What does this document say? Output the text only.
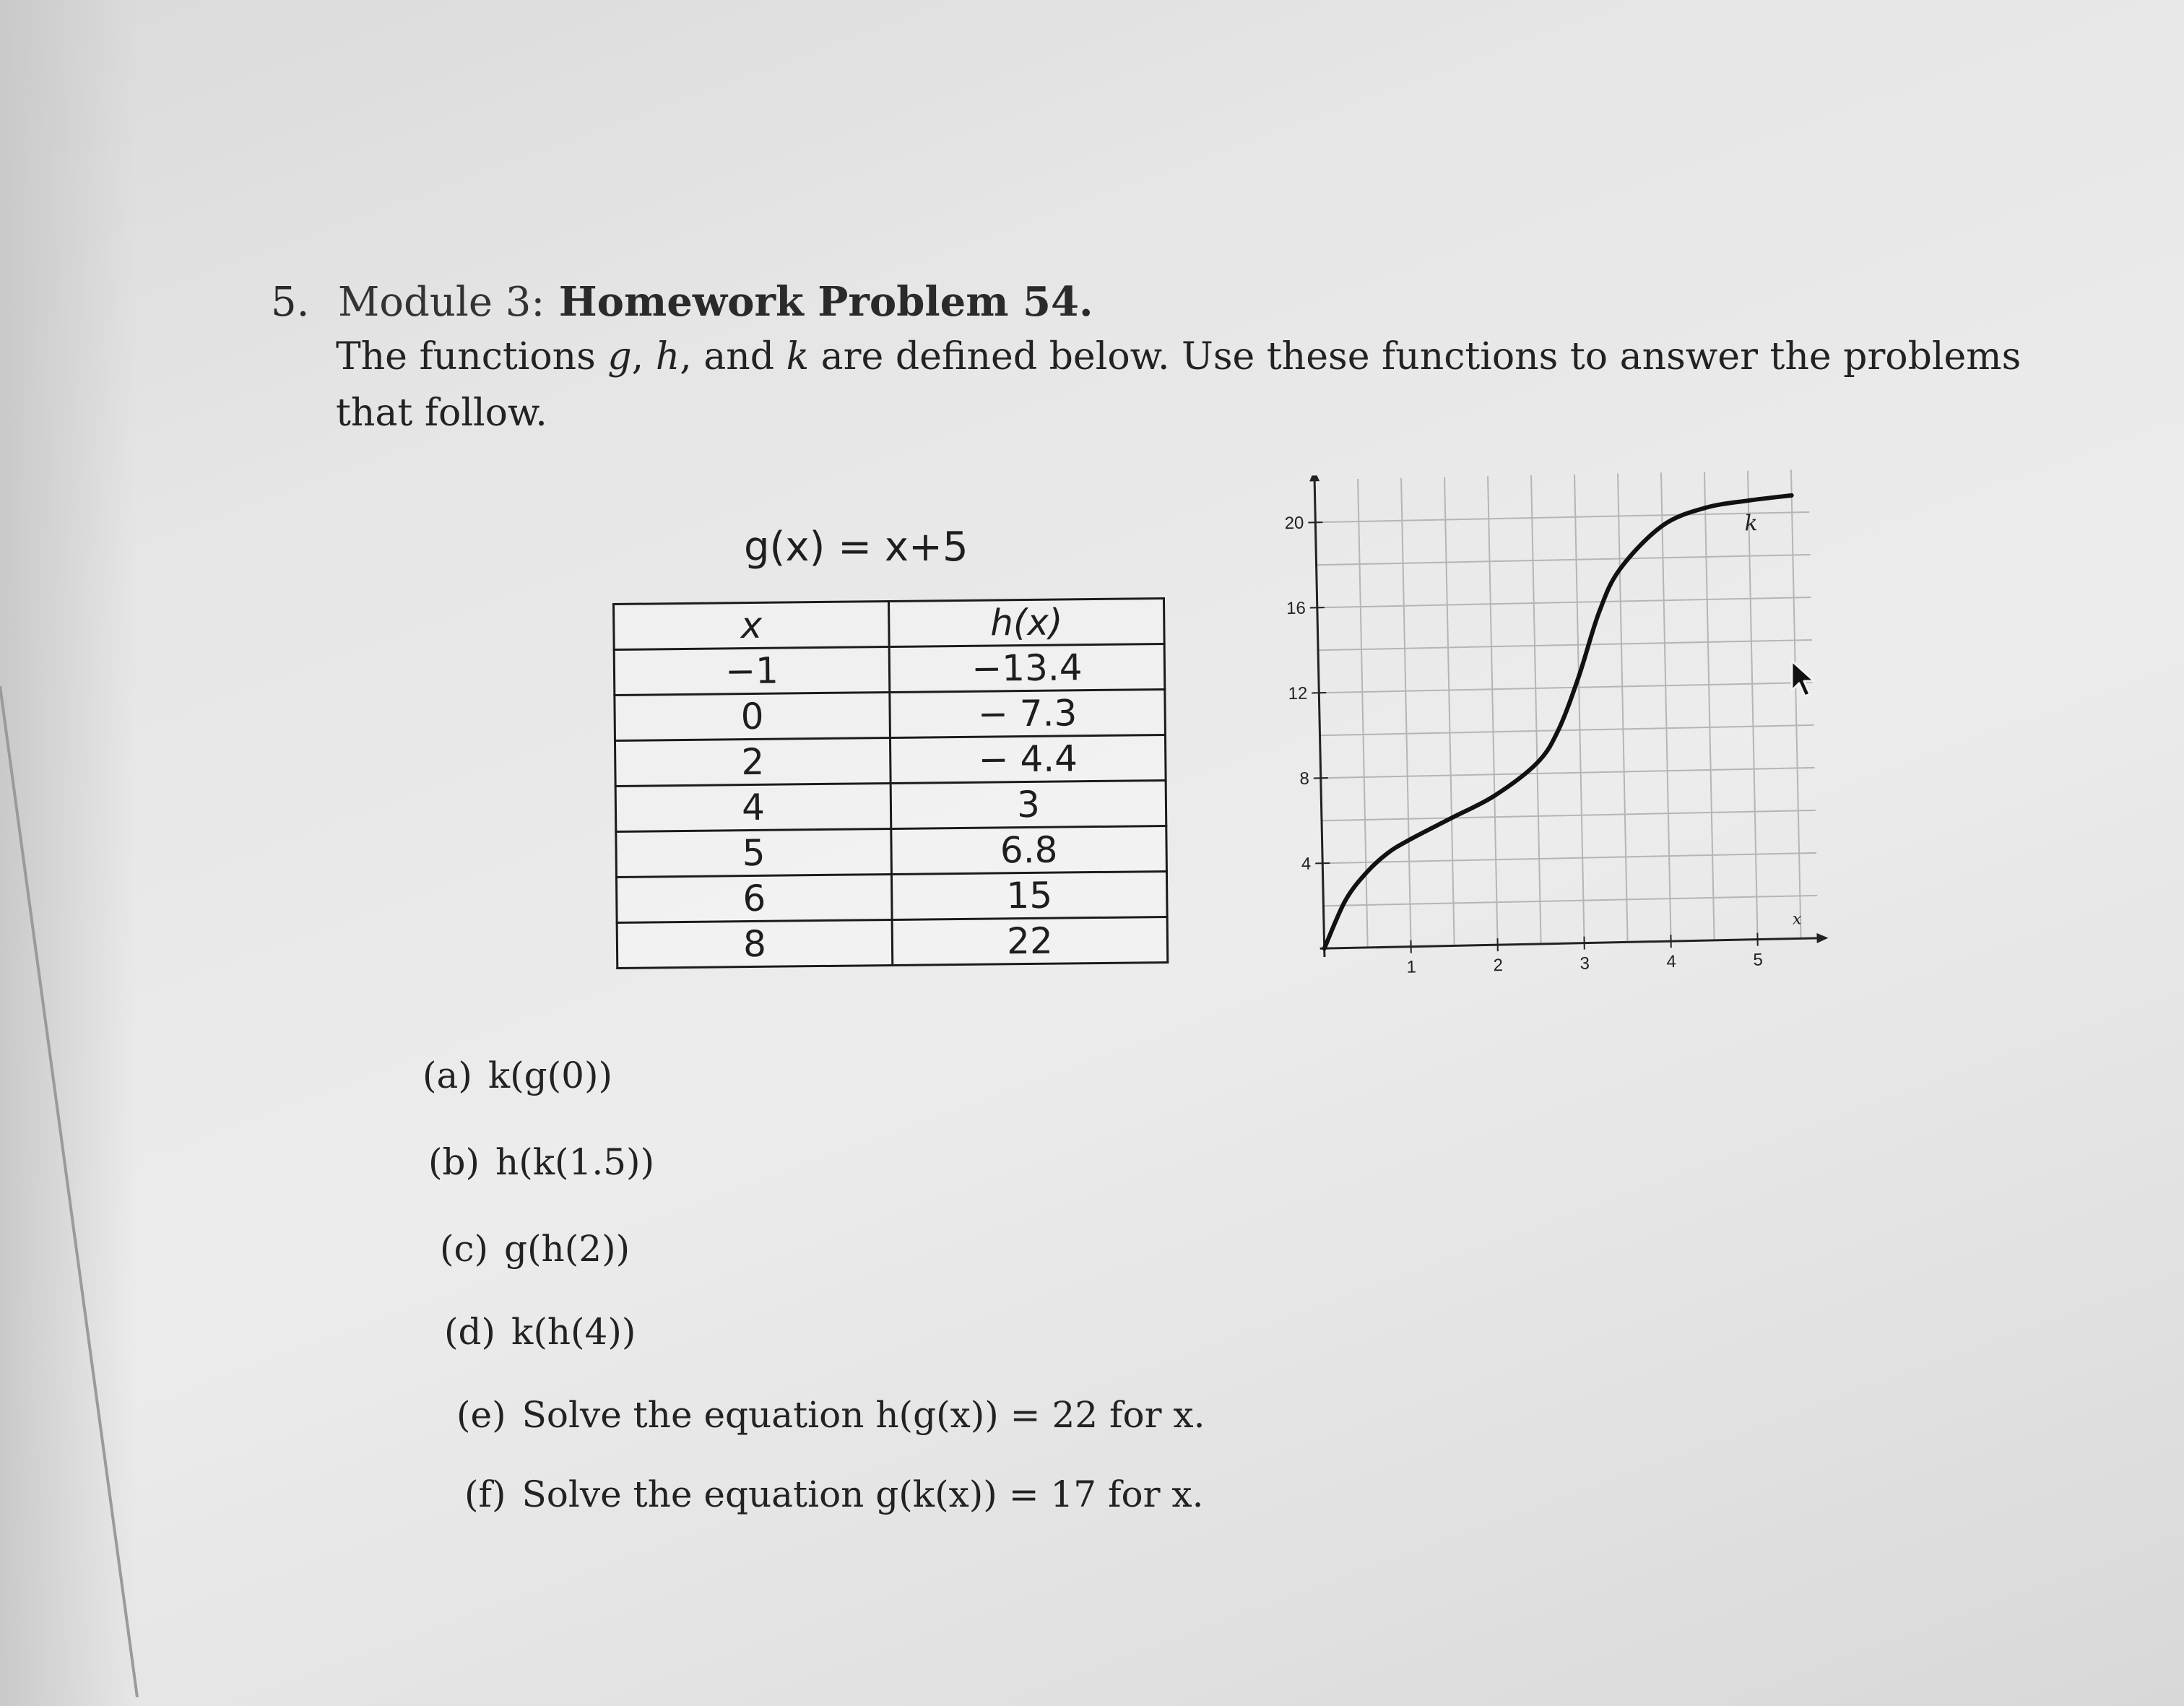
5. Module 3: Homework Problem 54.
The functions g, h, and k are defined below. Use these functions to answer the problems that follow.
g(x) = x+5
x	h(x)
−1	−13.4
0	− 7.3
2	− 4.4
4	3
5	6.8
6	15
8	22
1	2	3	4	5
4
8
12
16
20
x
k
(a) k(g(0))
(b) h(k(1.5))
(c) g(h(2))
(d) k(h(4))
(e) Solve the equation h(g(x)) = 22 for x.
(f) Solve the equation g(k(x)) = 17 for x.
